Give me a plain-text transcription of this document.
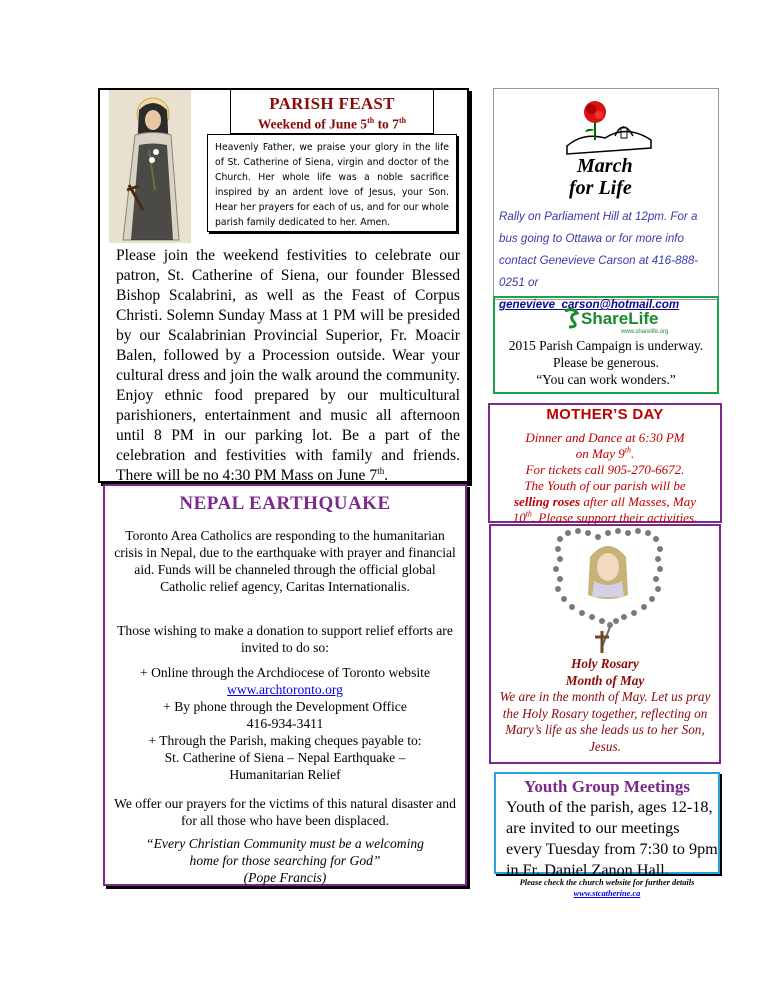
PARISH FEAST
Weekend of June 5th to 7th
Heavenly Father, we praise your glory in the life of St. Catherine of Siena, virgin and doctor of the Church. Her whole life was a noble sacrifice inspired by an ardent love of Jesus, your Son. Hear her prayers for each of us, and for our whole parish family dedicated to her. Amen.
Please join the weekend festivities to celebrate our patron, St. Catherine of Siena, our founder Blessed Bishop Scalabrini, as well as the Feast of Corpus Christi. Solemn Sunday Mass at 1 PM will be presided by our Scalabrinian Provincial Superior, Fr. Moacir Balen, followed by a Procession outside. Wear your cultural dress and join the walk around the community. Enjoy ethnic food prepared by our multicultural parishioners, entertainment and music all afternoon until 8 PM in our parking lot. Be a part of the celebration and festivities with family and friends. There will be no 4:30 PM Mass on June 7th.
NEPAL EARTHQUAKE
Toronto Area Catholics are responding to the humanitarian crisis in Nepal, due to the earthquake with prayer and financial aid. Funds will be channeled through the official global Catholic relief agency, Caritas Internationalis.
Those wishing to make a donation to support relief efforts are invited to do so:
+ Online through the Archdiocese of Toronto website
www.archtoronto.org
+ By phone through the Development Office
416-934-3411
+ Through the Parish, making cheques payable to:
St. Catherine of Siena – Nepal Earthquake –
Humanitarian Relief
We offer our prayers for the victims of this natural disaster and for all those who have been displaced.
“Every Christian Community must be a welcoming home for those searching for God”
(Pope Francis)
March
for Life
Rally on Parliament Hill at 12pm. For a bus going to Ottawa or for more info contact Genevieve Carson at 416-888-0251 or genevieve_carson@hotmail.com
ShareLife
www.sharelife.org
2015 Parish Campaign is underway.
Please be generous.
“You can work wonders.”
MOTHER’S DAY
Dinner and Dance at 6:30 PM
on May 9th.
For tickets call 905-270-6672.
The Youth of our parish will be
selling roses after all Masses, May
10th. Please support their activities.
Holy Rosary
Month of May
We are in the month of May. Let us pray the Holy Rosary together, reflecting on Mary’s life as she leads us to her Son, Jesus.
Youth Group Meetings
Youth of the parish, ages 12-18, are invited to our meetings every Tuesday from 7:30 to 9pm in Fr. Daniel Zanon Hall.
Please check the church website for further details www.stcatherine.ca
